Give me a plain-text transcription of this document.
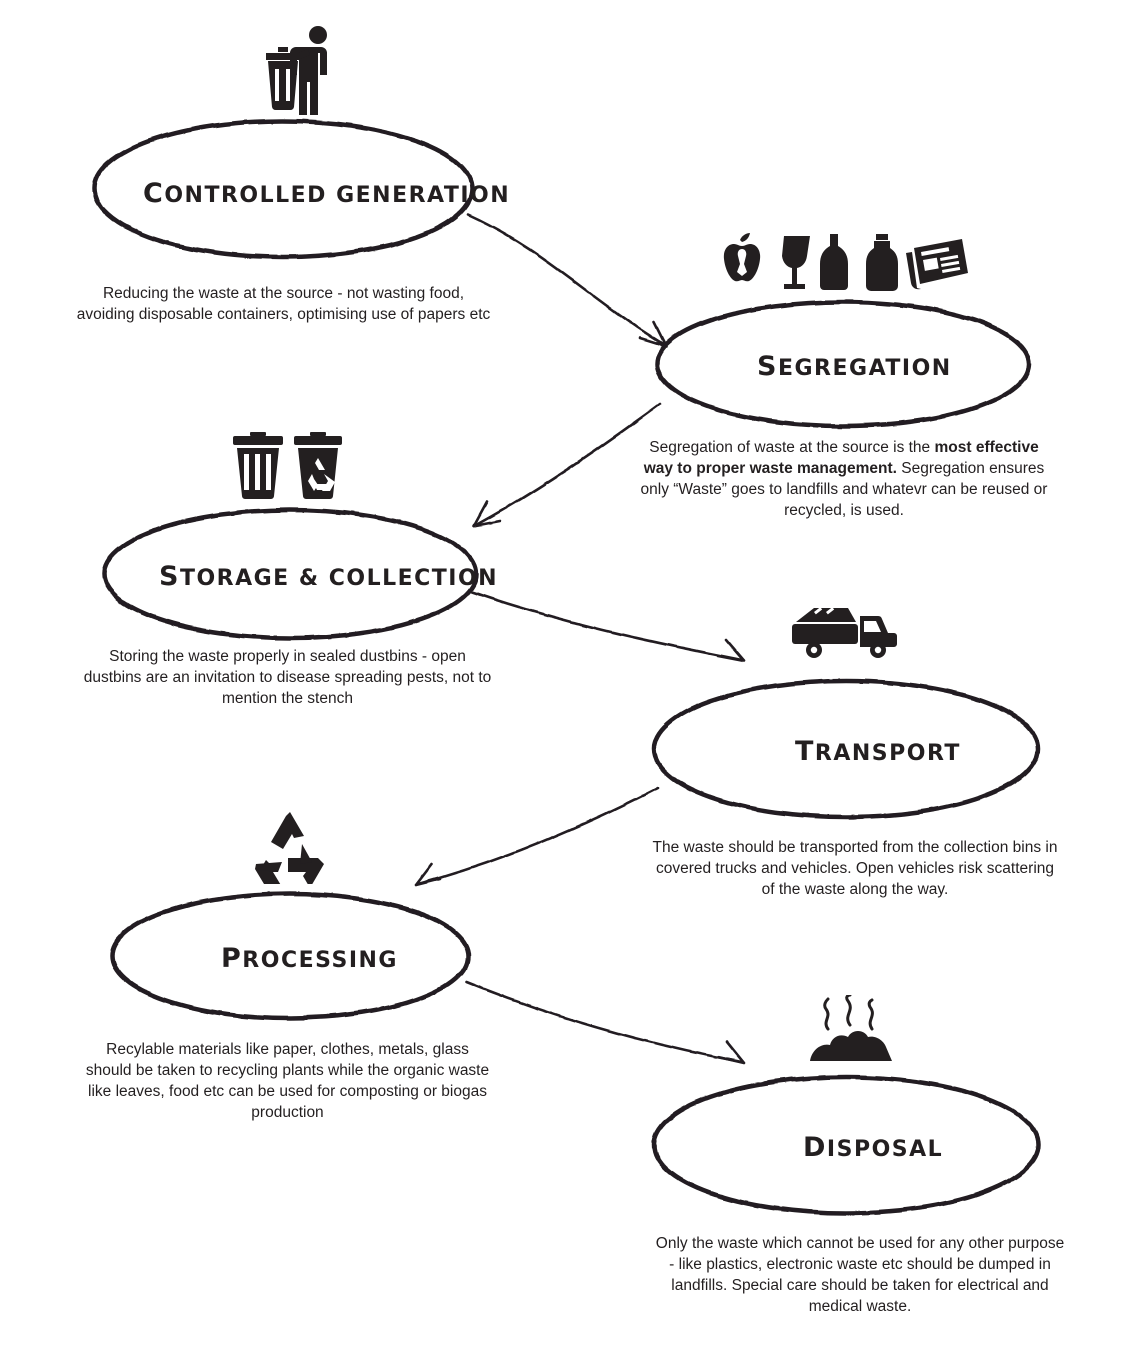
CONTROLLED GENERATION
SEGREGATION
STORAGE & COLLECTION
TRANSPORT
PROCESSING
DISPOSAL
Reducing the waste at the source - not wasting food, avoiding disposable containers, optimising use of papers etc
Segregation of waste at the source is the most effective way to proper waste management. Segregation ensures only “Waste” goes to landfills and whatevr can be reused or recycled, is used.
Storing the waste properly in sealed dustbins - open dustbins are an invitation to disease spreading pests, not to mention the stench
The waste should be transported from the collection bins in covered trucks and vehicles. Open vehicles risk scattering of the waste along the way.
Recylable materials like paper, clothes, metals, glass should be taken to recycling plants while the organic waste like leaves, food etc can be used for composting or biogas production
Only the waste which cannot be used for any other purpose - like plastics, electronic waste etc should be dumped in landfills. Special care should be taken for electrical and medical waste.
